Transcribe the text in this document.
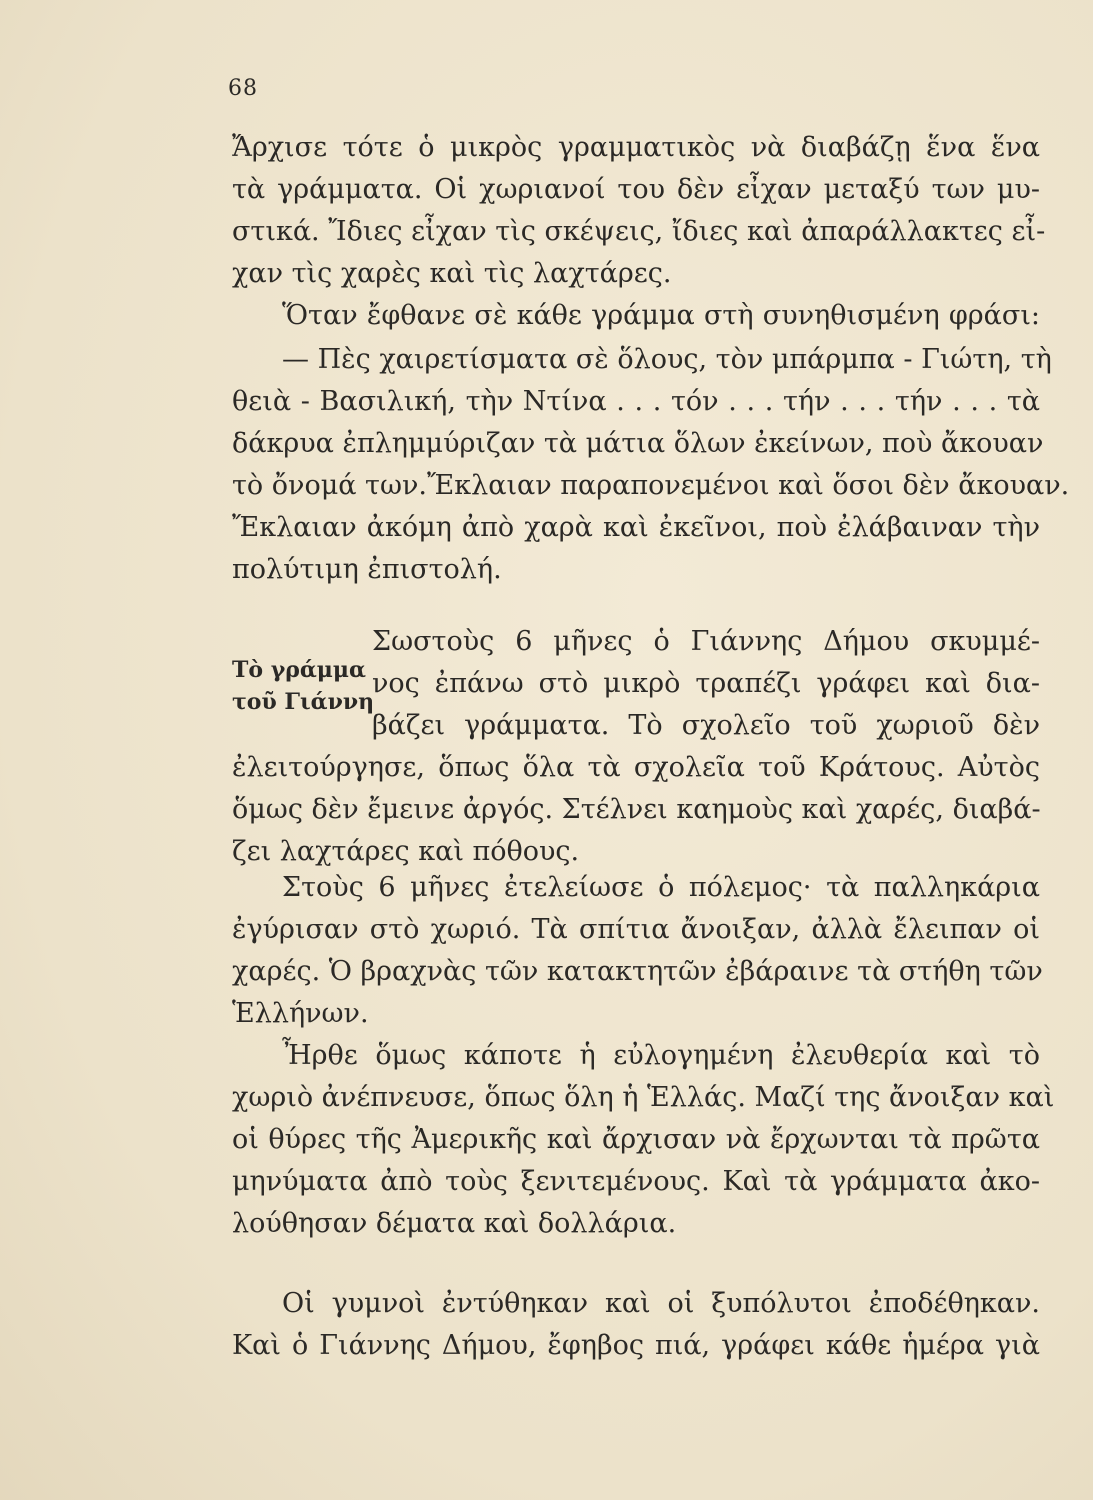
68
Ἄρχισε τότε ὁ μικρὸς γραμματικὸς νὰ διαβάζῃ ἕνα ἕνα
τὰ γράμματα. Οἱ χωριανοί του δὲν εἶχαν μεταξύ των μυ-
στικά. Ἴδιες εἶχαν τὶς σκέψεις, ἴδιες καὶ ἀπαράλλακτες εἶ-
χαν τὶς χαρὲς καὶ τὶς λαχτάρες.
Ὅταν ἔφθανε σὲ κάθε γράμμα στὴ συνηθισμένη φράσι:
— Πὲς χαιρετίσματα σὲ ὅλους, τὸν μπάρμπα - Γιώτη, τὴ
θειὰ - Βασιλική, τὴν Ντίνα . . . τόν . . . τήν . . . τήν . . . τὰ
δάκρυα ἐπλημμύριζαν τὰ μάτια ὅλων ἐκείνων, ποὺ ἄκουαν
τὸ ὄνομά των.Ἔκλαιαν παραπονεμένοι καὶ ὅσοι δὲν ἄκουαν.
Ἔκλαιαν ἀκόμη ἀπὸ χαρὰ καὶ ἐκεῖνοι, ποὺ ἐλάβαιναν τὴν
πολύτιμη ἐπιστολή.
Τὸ γράμμα
τοῦ Γιάννη
Σωστοὺς 6 μῆνες ὁ Γιάννης Δήμου σκυμμέ-
νος ἐπάνω στὸ μικρὸ τραπέζι γράφει καὶ δια-
βάζει γράμματα. Τὸ σχολεῖο τοῦ χωριοῦ δὲν
ἐλειτούργησε, ὅπως ὅλα τὰ σχολεῖα τοῦ Κράτους. Αὐτὸς
ὅμως δὲν ἔμεινε ἀργός. Στέλνει καημοὺς καὶ χαρές, διαβά-
ζει λαχτάρες καὶ πόθους.
Στοὺς 6 μῆνες ἐτελείωσε ὁ πόλεμος· τὰ παλληκάρια
ἐγύρισαν στὸ χωριό. Τὰ σπίτια ἄνοιξαν, ἀλλὰ ἔλειπαν οἱ
χαρές. Ὁ βραχνὰς τῶν κατακτητῶν ἐβάραινε τὰ στήθη τῶν
Ἑλλήνων.
Ἦρθε ὅμως κάποτε ἡ εὐλογημένη ἐλευθερία καὶ τὸ
χωριὸ ἀνέπνευσε, ὅπως ὅλη ἡ Ἑλλάς. Μαζί της ἄνοιξαν καὶ
οἱ θύρες τῆς Ἀμερικῆς καὶ ἄρχισαν νὰ ἔρχωνται τὰ πρῶτα
μηνύματα ἀπὸ τοὺς ξενιτεμένους. Καὶ τὰ γράμματα ἀκο-
λούθησαν δέματα καὶ δολλάρια.
Οἱ γυμνοὶ ἐντύθηκαν καὶ οἱ ξυπόλυτοι ἐποδέθηκαν.
Καὶ ὁ Γιάννης Δήμου, ἔφηβος πιά, γράφει κάθε ἡμέρα γιὰ
